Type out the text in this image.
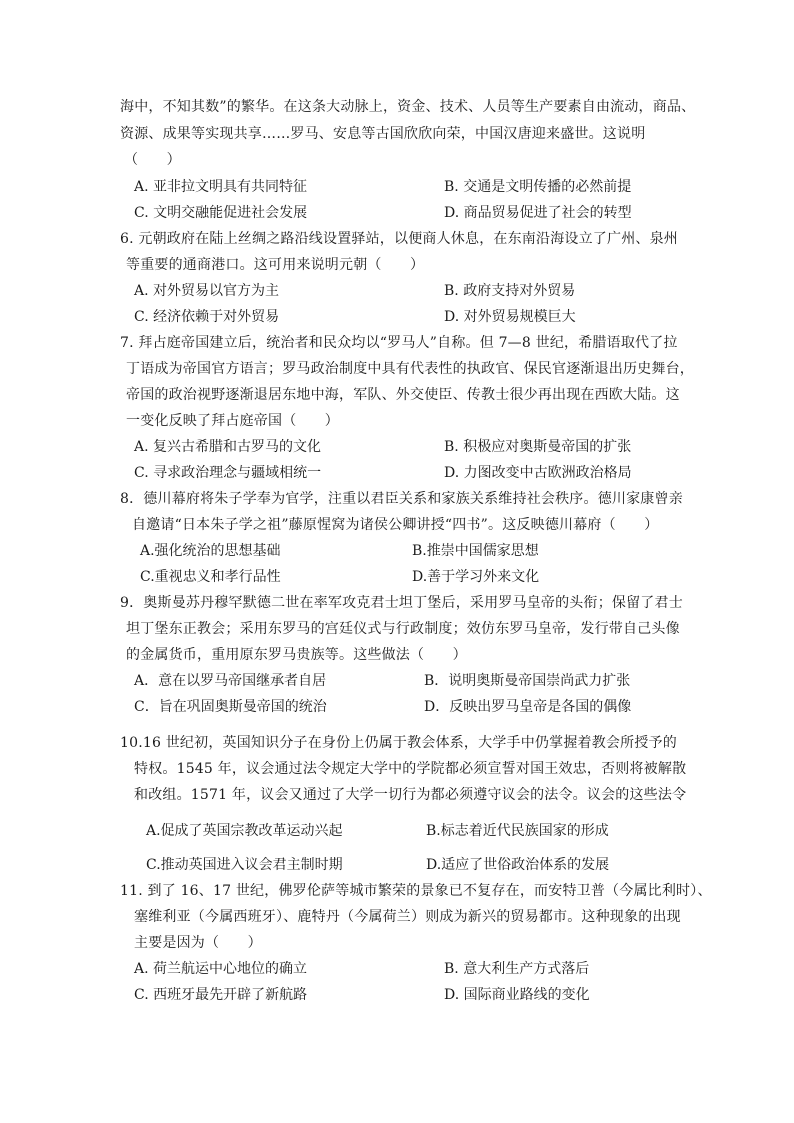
海中，不知其数”的繁华。在这条大动脉上，资金、技术、人员等生产要素自由流动，商品、
资源、成果等实现共享……罗马、安息等古国欣欣向荣，中国汉唐迎来盛世。这说明
（　　）
A. 亚非拉文明具有共同特征	B. 交通是文明传播的必然前提
C. 文明交融能促进社会发展	D. 商品贸易促进了社会的转型
6. 元朝政府在陆上丝绸之路沿线设置驿站，以便商人休息，在东南沿海设立了广州、泉州
等重要的通商港口。这可用来说明元朝（　　）
A. 对外贸易以官方为主	B. 政府支持对外贸易
C. 经济依赖于对外贸易	D. 对外贸易规模巨大
7. 拜占庭帝国建立后，统治者和民众均以“罗马人”自称。但 7—8 世纪，希腊语取代了拉
丁语成为帝国官方语言；罗马政治制度中具有代表性的执政官、保民官逐渐退出历史舞台，
帝国的政治视野逐渐退居东地中海，军队、外交使臣、传教士很少再出现在西欧大陆。这
一变化反映了拜占庭帝国（　　）
A. 复兴古希腊和古罗马的文化	B. 积极应对奥斯曼帝国的扩张
C. 寻求政治理念与疆域相统一	D. 力图改变中古欧洲政治格局
8．德川幕府将朱子学奉为官学，注重以君臣关系和家族关系维持社会秩序。德川家康曾亲
自邀请“日本朱子学之祖”藤原惺窝为诸侯公卿讲授“四书”。这反映德川幕府（　　）
A.强化统治的思想基础	B.推崇中国儒家思想
C.重视忠义和孝行品性	D.善于学习外来文化
9．奥斯曼苏丹穆罕默德二世在率军攻克君士坦丁堡后，采用罗马皇帝的头衔；保留了君士
坦丁堡东正教会；采用东罗马的宫廷仪式与行政制度；效仿东罗马皇帝，发行带自己头像
的金属货币，重用原东罗马贵族等。这些做法（　　）
A．意在以罗马帝国继承者自居	B．说明奥斯曼帝国崇尚武力扩张
C．旨在巩固奥斯曼帝国的统治	D．反映出罗马皇帝是各国的偶像
10.16 世纪初，英国知识分子在身份上仍属于教会体系，大学手中仍掌握着教会所授予的
特权。1545 年，议会通过法令规定大学中的学院都必须宣誓对国王效忠，否则将被解散
和改组。1571 年，议会又通过了大学一切行为都必须遵守议会的法令。议会的这些法令
A.促成了英国宗教改革运动兴起	B.标志着近代民族国家的形成
C.推动英国进入议会君主制时期	D.适应了世俗政治体系的发展
11. 到了 16、17 世纪，佛罗伦萨等城市繁荣的景象已不复存在，而安特卫普（今属比利时）、
塞维利亚（今属西班牙）、鹿特丹（今属荷兰）则成为新兴的贸易都市。这种现象的出现
主要是因为（　　）
A. 荷兰航运中心地位的确立	B. 意大利生产方式落后
C. 西班牙最先开辟了新航路	D. 国际商业路线的变化
